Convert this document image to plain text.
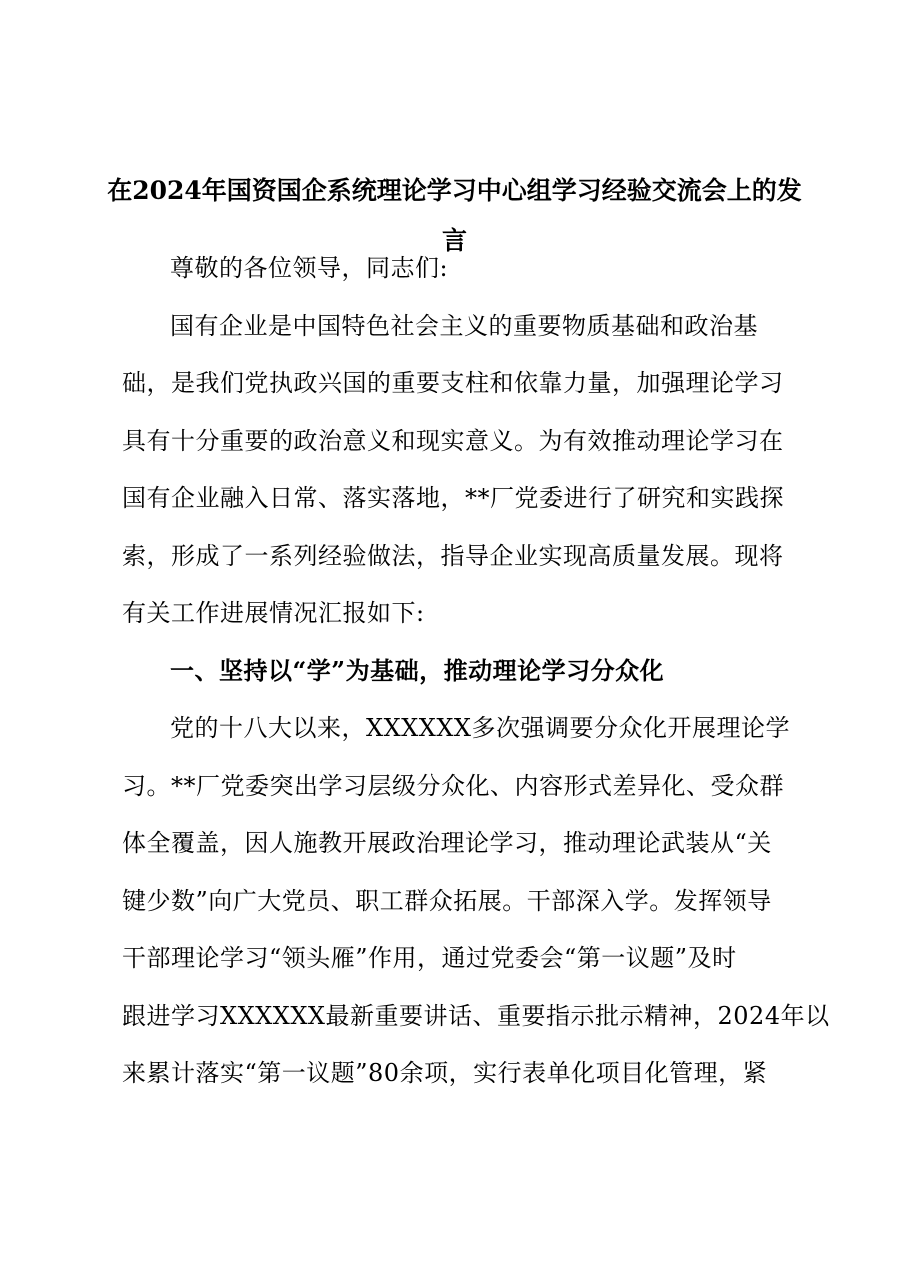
在2024年国资国企系统理论学习中心组学习经验交流会上的发
言
尊敬的各位领导，同志们:
国有企业是中国特色社会主义的重要物质基础和政治基
础，是我们党执政兴国的重要支柱和依靠力量，加强理论学习
具有十分重要的政治意义和现实意义。为有效推动理论学习在
国有企业融入日常、落实落地，**厂党委进行了研究和实践探
索，形成了一系列经验做法，指导企业实现高质量发展。现将
有关工作进展情况汇报如下:
一、坚持以“学”为基础，推动理论学习分众化
党的十八大以来，XXXXXX多次强调要分众化开展理论学
习。**厂党委突出学习层级分众化、内容形式差异化、受众群
体全覆盖，因人施教开展政治理论学习，推动理论武装从“关
键少数”向广大党员、职工群众拓展。干部深入学。发挥领导
干部理论学习“领头雁”作用，通过党委会“第一议题”及时
跟进学习XXXXXX最新重要讲话、重要指示批示精神，2024年以
来累计落实“第一议题”80余项，实行表单化项目化管理，紧
